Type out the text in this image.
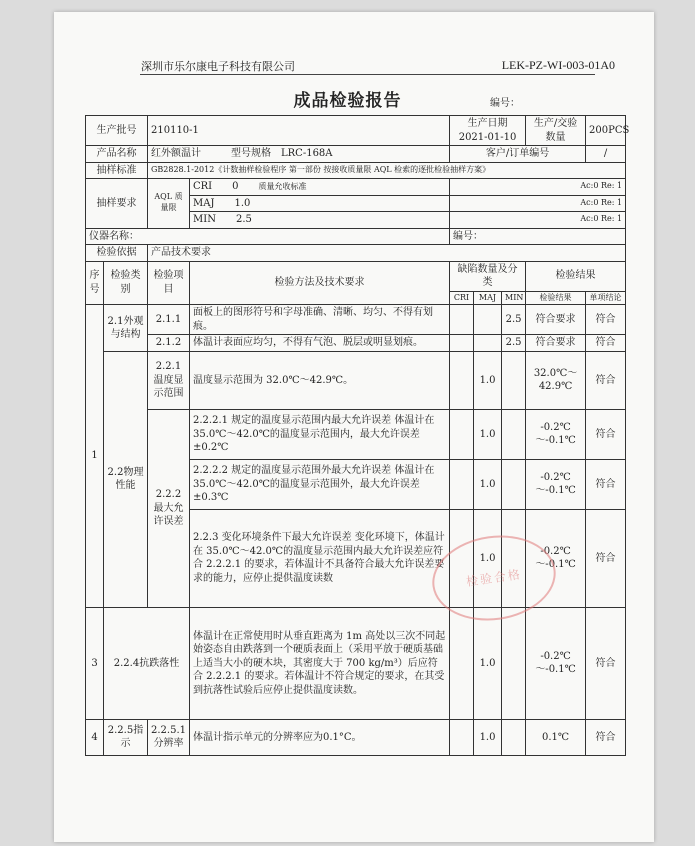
深圳市乐尔康电子科技有限公司	LEK-PZ-WI-003-01A0
成品检验报告	编号：
生产批号		210110-1		生产日期 2021-01-10			生产/交验数量	200PCS
产品名称		红外额温计　　　 型号规格　 LRC-168A		客户/订单编号				/
抽样标准		GB2828.1-2012《计数抽样检验程序 第一部份 按接收质量限 AQL 检索的逐批检验抽样方案》						
抽样要求		AQL 质量限	CRI　　 0　　 质量允收标准	Ac:0 Re: 1				
			MAJ　　 1.0	Ac:0 Re: 1				
			MIN　　 2.5	Ac:0 Re: 1				
仪器名称：				编号：				
检验依据		产品技术要求						
序号	检验类别	检验项目	检验方法及技术要求	缺陷数量及分类			检验结果	
				CRI	MAJ	MIN	检验结果	单项结论
1	2.1外观与结构	2.1.1	面板上的图形符号和字母准确、清晰、均匀、不得有划痕。			2.5	符合要求	符合
		2.1.2	体温计表面应均匀，不得有气泡、脱层或明显划痕。			2.5	符合要求	符合
	2.2物理性能	2.2.1温度显示范围	温度显示范围为 32.0℃～42.9℃。		1.0		32.0℃～42.9℃	符合
		2.2.2最大允许误差	2.2.2.1 规定的温度显示范围内最大允许误差 体温计在 35.0℃～42.0℃的温度显示范围内，最大允许误差±0.2℃		1.0		-0.2℃～-0.1℃	符合
			2.2.2.2 规定的温度显示范围外最大允许误差 体温计在 35.0℃～42.0℃的温度显示范围外，最大允许误差±0.3℃		1.0		-0.2℃～-0.1℃	符合
			2.2.3 变化环境条件下最大允许误差 变化环境下，体温计在 35.0℃～42.0℃的温度显示范围内最大允许误差应符合 2.2.2.1 的要求，若体温计不具备符合最大允许误差要求的能力，应停止提供温度读数		1.0		-0.2℃～-0.1℃	符合

3	2.2.4抗跌落性		体温计在正常使用时从垂直距离为 1m 高处以三次不同起始姿态自由跌落到一个硬质表面上（采用平放于硬质基础上适当大小的硬木块，其密度大于 700 kg/m³）后应符合 2.2.2.1 的要求。若体温计不符合规定的要求，在其受到抗落性试验后应停止提供温度读数。		1.0		-0.2℃～-0.1℃	符合
4	2.2.5指示	2.2.5.1分辨率	体温计指示单元的分辨率应为0.1°C。		1.0		0.1℃	符合
检验合格
